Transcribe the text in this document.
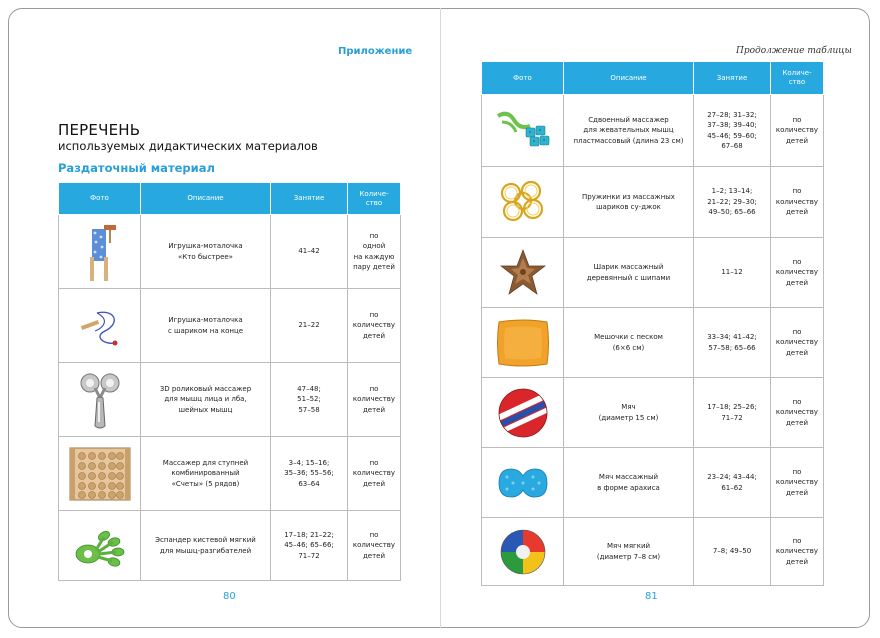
Приложение
ПЕРЕЧЕНЬ
используемых дидактических материалов
Раздаточный материал
Фото	Описание	Занятие	Количе-
ство

	Игрушка-моталочка
«Кто быстрее»	41–42	по
одной
на каждую
пару детей

	Игрушка-моталочка
с шариком на конце	21–22	по
количеству
детей

	3D роликовый массажер
для мышц лица и лба,
шейных мышц	47–48;
51–52;
57–58	по
количеству
детей

	Массажер для ступней
комбинированный
«Счеты» (5 рядов)	3–4; 15–16;
35–36; 55–56;
63–64	по
количеству
детей

	Эспандер кистевой мягкий
для мышц-разгибателей	17–18; 21–22;
45–46; 65–66;
71–72	по
количеству
детей
80
Продолжение таблицы
Фото	Описание	Занятие	Количе-
ство

	Сдвоенный массажер
для жевательных мышц
пластмассовый (длина 23 см)	27–28; 31–32;
37–38; 39–40;
45–46; 59–60;
67–68	по
количеству
детей

	Пружинки из массажных
шариков су-джок	1–2; 13–14;
21–22; 29–30;
49–50; 65–66	по
количеству
детей

	Шарик массажный
деревянный с шипами	11–12	по
количеству
детей

	Мешочки с песком
(6×6 см)	33–34; 41–42;
57–58; 65–66	по
количеству
детей

	Мяч
(диаметр 15 см)	17–18; 25–26;
71–72	по
количеству
детей

	Мяч массажный
в форме арахиса	23–24; 43–44;
61–62	по
количеству
детей

	Мяч мягкий
(диаметр 7–8 см)	7–8; 49–50	по
количеству
детей
81
